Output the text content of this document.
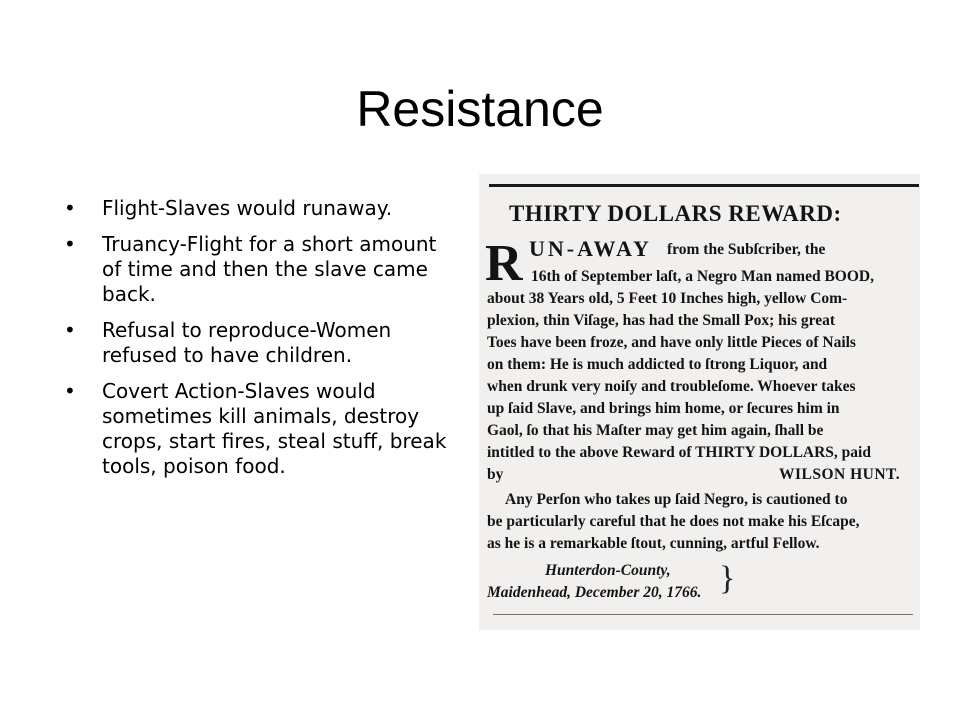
Resistance
• Flight-Slaves would runaway.
• Truancy-Flight for a short amount of time and then the slave came back.
• Refusal to reproduce-Women refused to have children.
• Covert Action-Slaves would sometimes kill animals, destroy crops, start fires, steal stuff, break tools, poison food.
THIRTY DOLLARS REWARD:
R UN-AWAY from the Subſcriber, the
16th of September laſt, a Negro Man named BOOD,
about 38 Years old, 5 Feet 10 Inches high, yellow Com-
plexion, thin Viſage, has had the Small Pox; his great
Toes have been froze, and have only little Pieces of Nails
on them: He is much addicted to ſtrong Liquor, and
when drunk very noiſy and troubleſome. Whoever takes
up ſaid Slave, and brings him home, or ſecures him in
Gaol, ſo that his Maſter may get him again, ſhall be
intitled to the above Reward of THIRTY DOLLARS, paid
by	WILSON HUNT.
Any Perſon who takes up ſaid Negro, is cautioned to
be particularly careful that he does not make his Eſcape,
as he is a remarkable ſtout, cunning, artful Fellow.
Hunterdon-County,
Maidenhead, December 20, 1766. }
